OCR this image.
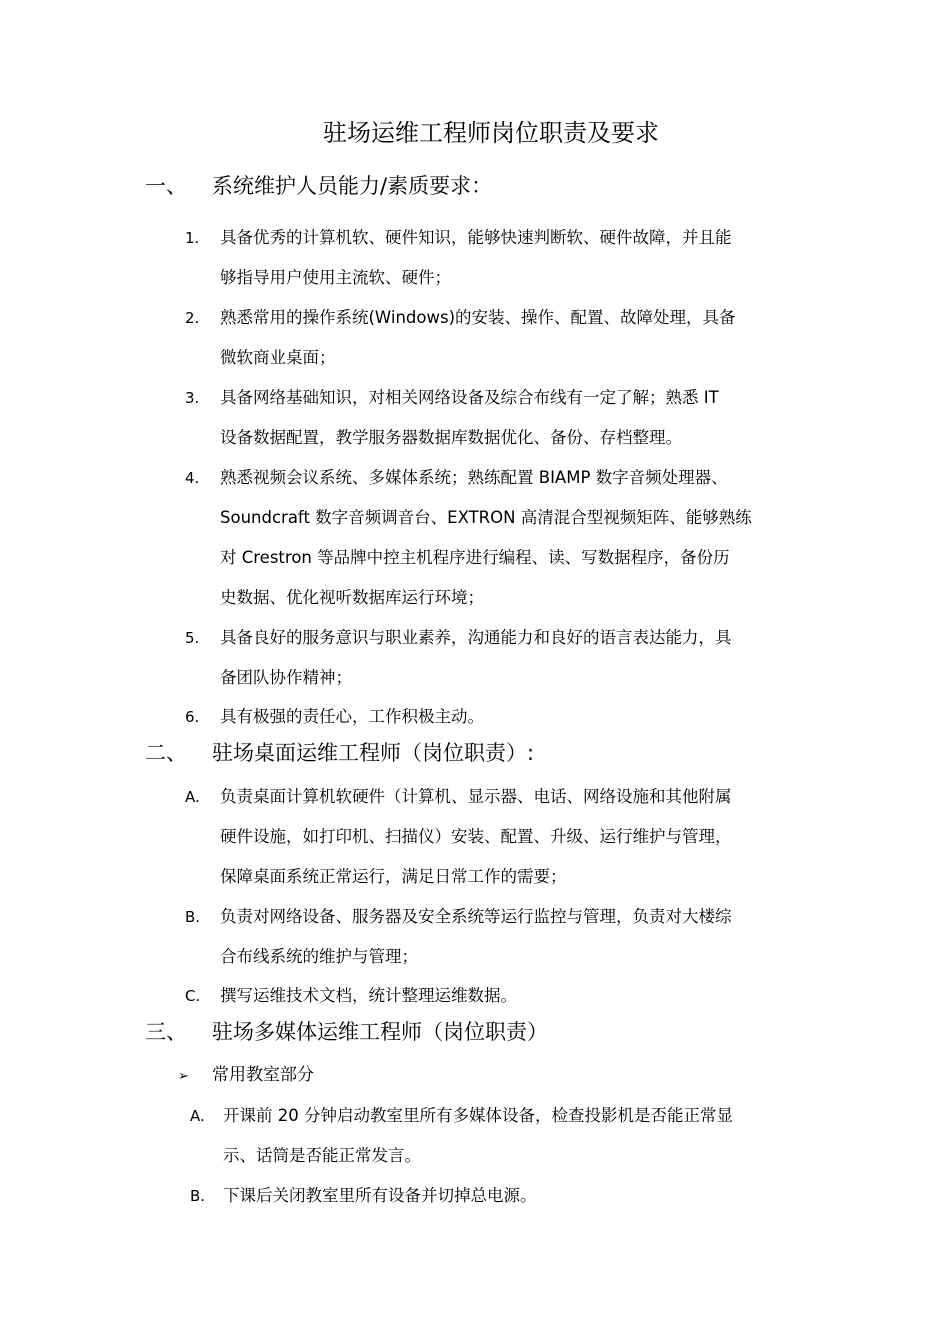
驻场运维工程师岗位职责及要求
一、 系统维护人员能力/素质要求：
1. 具备优秀的计算机软、硬件知识，能够快速判断软、硬件故障，并且能
够指导用户使用主流软、硬件；
2. 熟悉常用的操作系统(Windows)的安装、操作、配置、故障处理，具备
微软商业桌面；
3. 具备网络基础知识，对相关网络设备及综合布线有一定了解；熟悉 IT
设备数据配置，教学服务器数据库数据优化、备份、存档整理。
4. 熟悉视频会议系统、多媒体系统；熟练配置 BIAMP 数字音频处理器、
Soundcraft 数字音频调音台、EXTRON 高清混合型视频矩阵、能够熟练
对 Crestron 等品牌中控主机程序进行编程、读、写数据程序，备份历
史数据、优化视听数据库运行环境；
5. 具备良好的服务意识与职业素养，沟通能力和良好的语言表达能力，具
备团队协作精神；
6. 具有极强的责任心，工作积极主动。
二、 驻场桌面运维工程师（岗位职责）:
A. 负责桌面计算机软硬件（计算机、显示器、电话、网络设施和其他附属
硬件设施，如打印机、扫描仪）安装、配置、升级、运行维护与管理，
保障桌面系统正常运行，满足日常工作的需要；
B. 负责对网络设备、服务器及安全系统等运行监控与管理，负责对大楼综
合布线系统的维护与管理；
C. 撰写运维技术文档，统计整理运维数据。
三、 驻场多媒体运维工程师（岗位职责）
➢ 常用教室部分
A. 开课前 20 分钟启动教室里所有多媒体设备，检查投影机是否能正常显
示、话筒是否能正常发言。
B. 下课后关闭教室里所有设备并切掉总电源。
